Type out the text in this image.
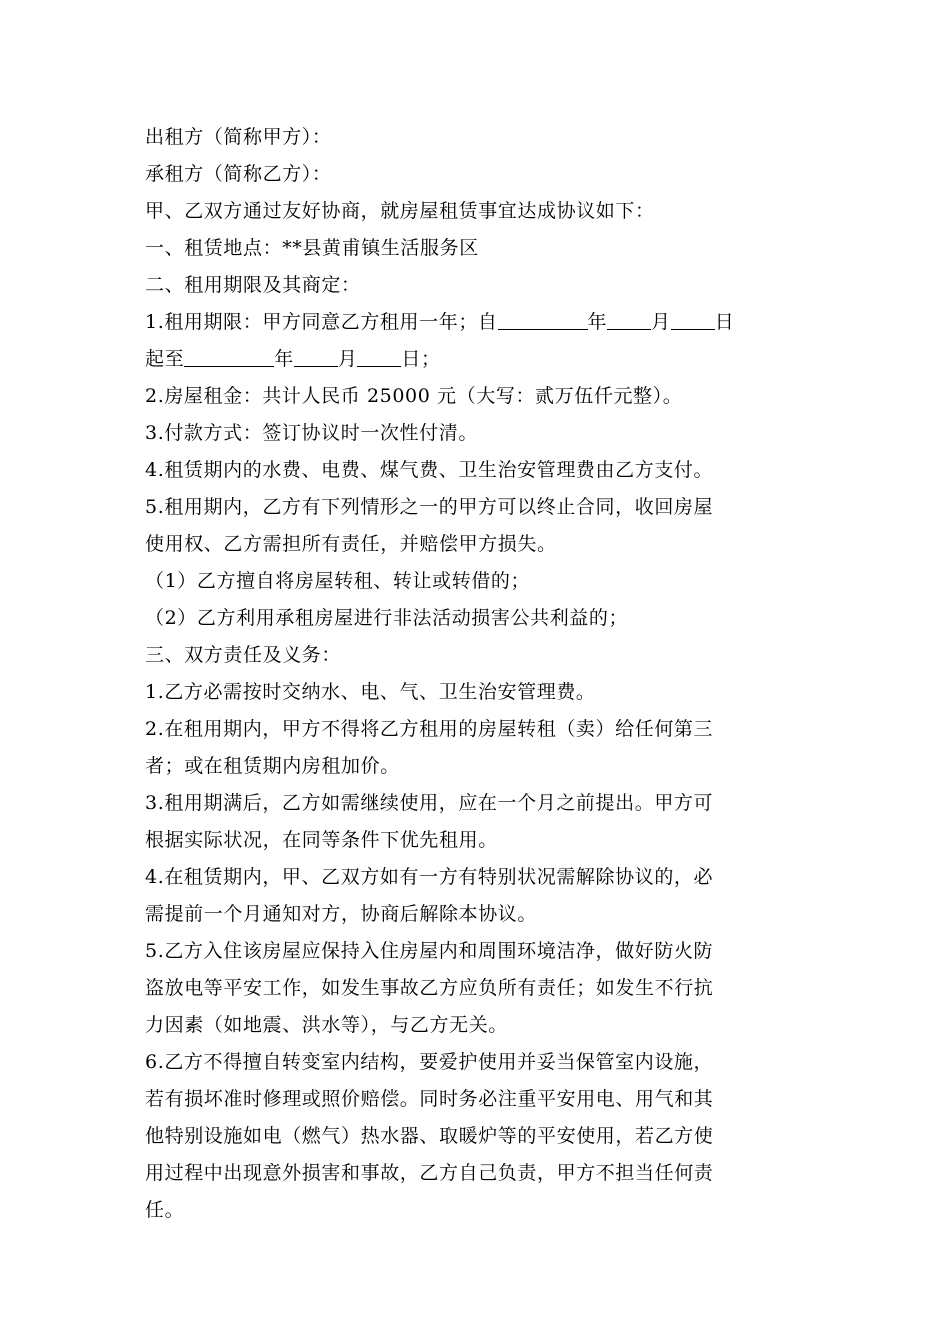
出租方（简称甲方）：
承租方（简称乙方）：
甲、乙双方通过友好协商，就房屋租赁事宜达成协议如下：
一、租赁地点：**县黄甫镇生活服务区
二、租用期限及其商定：
1.租用期限：甲方同意乙方租用一年；自	年 月 日
起至	年 月 日；
2.房屋租金：共计人民币 25000 元（大写：贰万伍仟元整）。
3.付款方式：签订协议时一次性付清。
4.租赁期内的水费、电费、煤气费、卫生治安管理费由乙方支付。
5.租用期内，乙方有下列情形之一的甲方可以终止合同，收回房屋
使用权、乙方需担所有责任，并赔偿甲方损失。
（1）乙方擅自将房屋转租、转让或转借的；
（2）乙方利用承租房屋进行非法活动损害公共利益的；
三、双方责任及义务：
1.乙方必需按时交纳水、电、气、卫生治安管理费。
2.在租用期内，甲方不得将乙方租用的房屋转租（卖）给任何第三
者；或在租赁期内房租加价。
3.租用期满后，乙方如需继续使用，应在一个月之前提出。甲方可
根据实际状况，在同等条件下优先租用。
4.在租赁期内，甲、乙双方如有一方有特别状况需解除协议的，必
需提前一个月通知对方，协商后解除本协议。
5.乙方入住该房屋应保持入住房屋内和周围环境洁净，做好防火防
盗放电等平安工作，如发生事故乙方应负所有责任；如发生不行抗
力因素（如地震、洪水等），与乙方无关。
6.乙方不得擅自转变室内结构，要爱护使用并妥当保管室内设施，
若有损坏准时修理或照价赔偿。同时务必注重平安用电、用气和其
他特别设施如电（燃气）热水器、取暖炉等的平安使用，若乙方使
用过程中出现意外损害和事故，乙方自己负责，甲方不担当任何责
任。
